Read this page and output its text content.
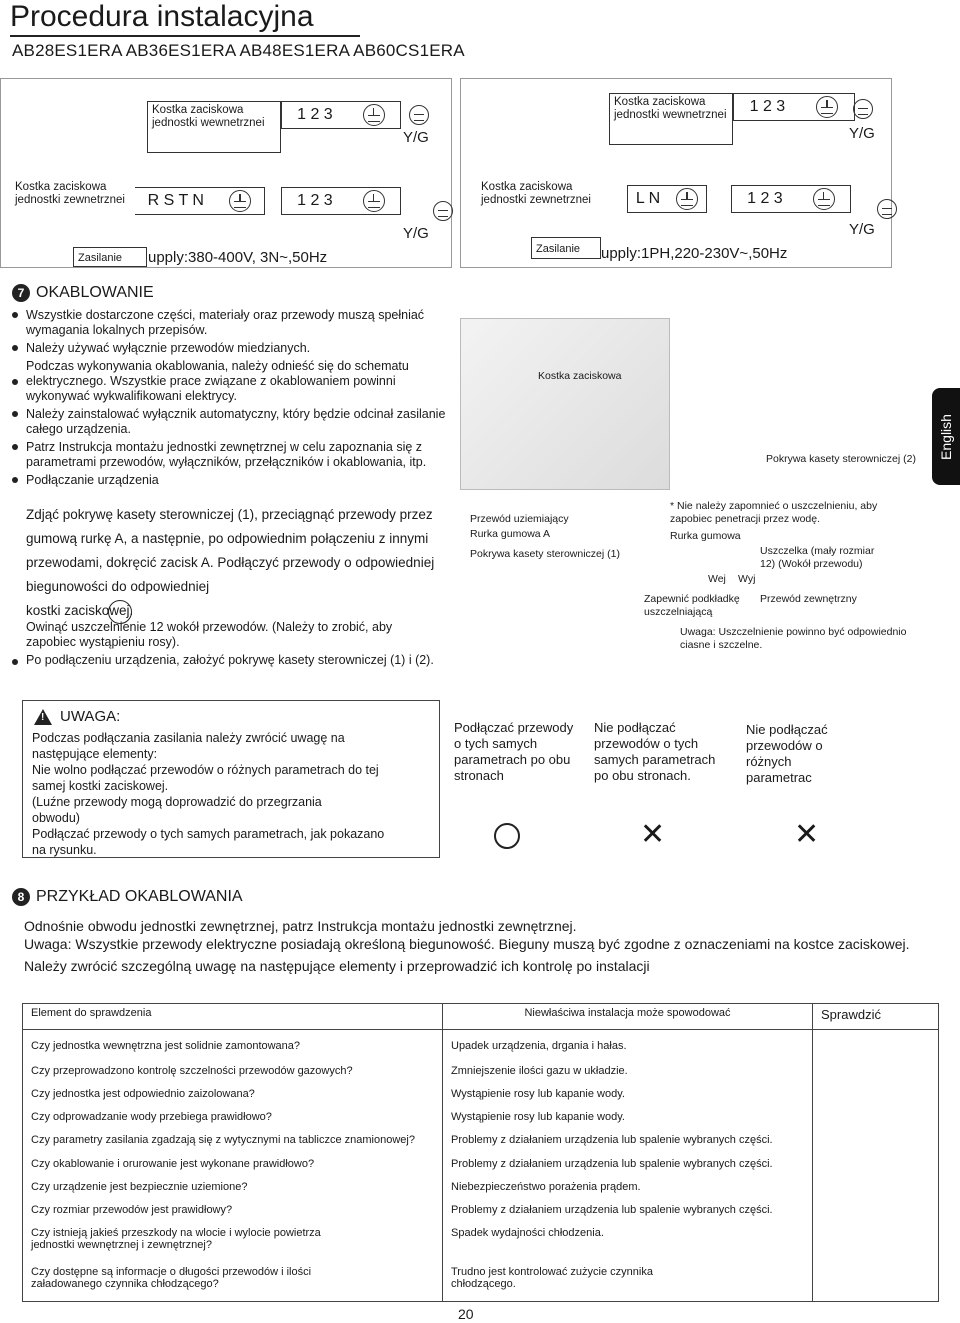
Procedura instalacyjna
AB28ES1ERA AB36ES1ERA AB48ES1ERA AB60CS1ERA
Kostka zaciskowa jednostki wewnetrznei	1 2 3

Y/G
Kostka zaciskowa jednostki zewnetrznei	R S T N	1 2 3
Y/G
Zasilanie	upply:380-400V, 3N~,50Hz
Kostka zaciskowa jednostki wewnetrznei	1 2 3

Y/G
Kostka zaciskowa jednostki zewnetrznei	L N	1 2 3
Y/G
Zasilanie	upply:1PH,220-230V~,50Hz
7 OKABLOWANIE
Wszystkie dostarczone części, materiały oraz przewody muszą spełniać wymagania lokalnych przepisów.
Należy używać wyłącznie przewodów miedzianych.
Podczas wykonywania okablowania, należy odnieść się do schematu elektrycznego. Wszystkie prace związane z okablowaniem powinni wykonywać wykwalifikowani elektrycy.
Należy zainstalować wyłącznik automatyczny, który będzie odcinał zasilanie całego urządzenia.
Patrz Instrukcja montażu jednostki zewnętrznej w celu zapoznania się z parametrami przewodów, wyłączników, przełączników i okablowania, itp.
Podłączanie urządzenia
Zdjąć pokrywę kasety sterowniczej (1), przeciągnąć przewody przez
gumową rurkę A, a następnie, po odpowiednim połączeniu z innymi
przewodami, dokręcić zacisk A. Podłączyć przewody o odpowiedniej
biegunowości do odpowiedniej
kostki zaciskowej.
Owinąć uszczelnienie 12 wokół przewodów. (Należy to zrobić, aby zapobiec wystąpieniu rosy).
Po podłączeniu urządzenia, założyć pokrywę kasety sterowniczej (1) i (2).
Kostka zaciskowa
Pokrywa kasety sterowniczej (2)
Przewód uziemiający
Rurka gumowa A
Pokrywa kasety sterowniczej (1)
* Nie należy zapomnieć o uszczelnieniu, aby zapobiec penetracji przez wodę.
Rurka gumowa
Uszczelka (mały rozmiar 12) (Wokół przewodu)
Wej Wyj
Zapewnić podkładkę uszczelniającą
Przewód zewnętrzny
Uwaga: Uszczelnienie powinno być odpowiednio ciasne i szczelne.
English
!UWAGA:
Podczas podłączania zasilania należy zwrócić uwagę na
następujące elementy:
Nie wolno podłączać przewodów o różnych parametrach do tej
samej kostki zaciskowej.
(Luźne przewody mogą doprowadzić do przegrzania
obwodu)
Podłączać przewody o tych samych parametrach, jak pokazano
na rysunku.
Podłączać przewody o tych samych parametrach po obu stronach
Nie podłączać przewodów o tych samych parametrach po obu stronach.
Nie podłączać przewodów o różnych parametrac
✕	✕
8 PRZYKŁAD OKABLOWANIA
Odnośnie obwodu jednostki zewnętrznej, patrz Instrukcja montażu jednostki zewnętrznej.
Uwaga: Wszystkie przewody elektryczne posiadają określoną biegunowość. Bieguny muszą być zgodne z oznaczeniami na kostce zaciskowej.
Należy zwrócić szczególną uwagę na następujące elementy i przeprowadzić ich kontrolę po instalacji
Element do sprawdzenia	Niewłaściwa instalacja może spowodować	Sprawdzić
Czy jednostka wewnętrzna jest solidnie zamontowana?	Upadek urządzenia, drgania i hałas.	
Czy przeprowadzono kontrolę szczelności przewodów gazowych?	Zmniejszenie ilości gazu w układzie.	
Czy jednostka jest odpowiednio zaizolowana?	Wystąpienie rosy lub kapanie wody.	
Czy odprowadzanie wody przebiega prawidłowo?	Wystąpienie rosy lub kapanie wody.	
Czy parametry zasilania zgadzają się z wytycznymi na tabliczce znamionowej?	Problemy z działaniem urządzenia lub spalenie wybranych części.	
Czy okablowanie i orurowanie jest wykonane prawidłowo?	Problemy z działaniem urządzenia lub spalenie wybranych części.	
Czy urządzenie jest bezpiecznie uziemione?	Niebezpieczeństwo porażenia prądem.	
Czy rozmiar przewodów jest prawidłowy?	Problemy z działaniem urządzenia lub spalenie wybranych części.	
Czy istnieją jakieś przeszkody na wlocie i wylocie powietrza jednostki wewnętrznej i zewnętrznej?	Spadek wydajności chłodzenia.	
Czy dostępne są informacje o długości przewodów i ilości załadowanego czynnika chłodzącego?	Trudno jest kontrolować zużycie czynnika chłodzącego.	
20
